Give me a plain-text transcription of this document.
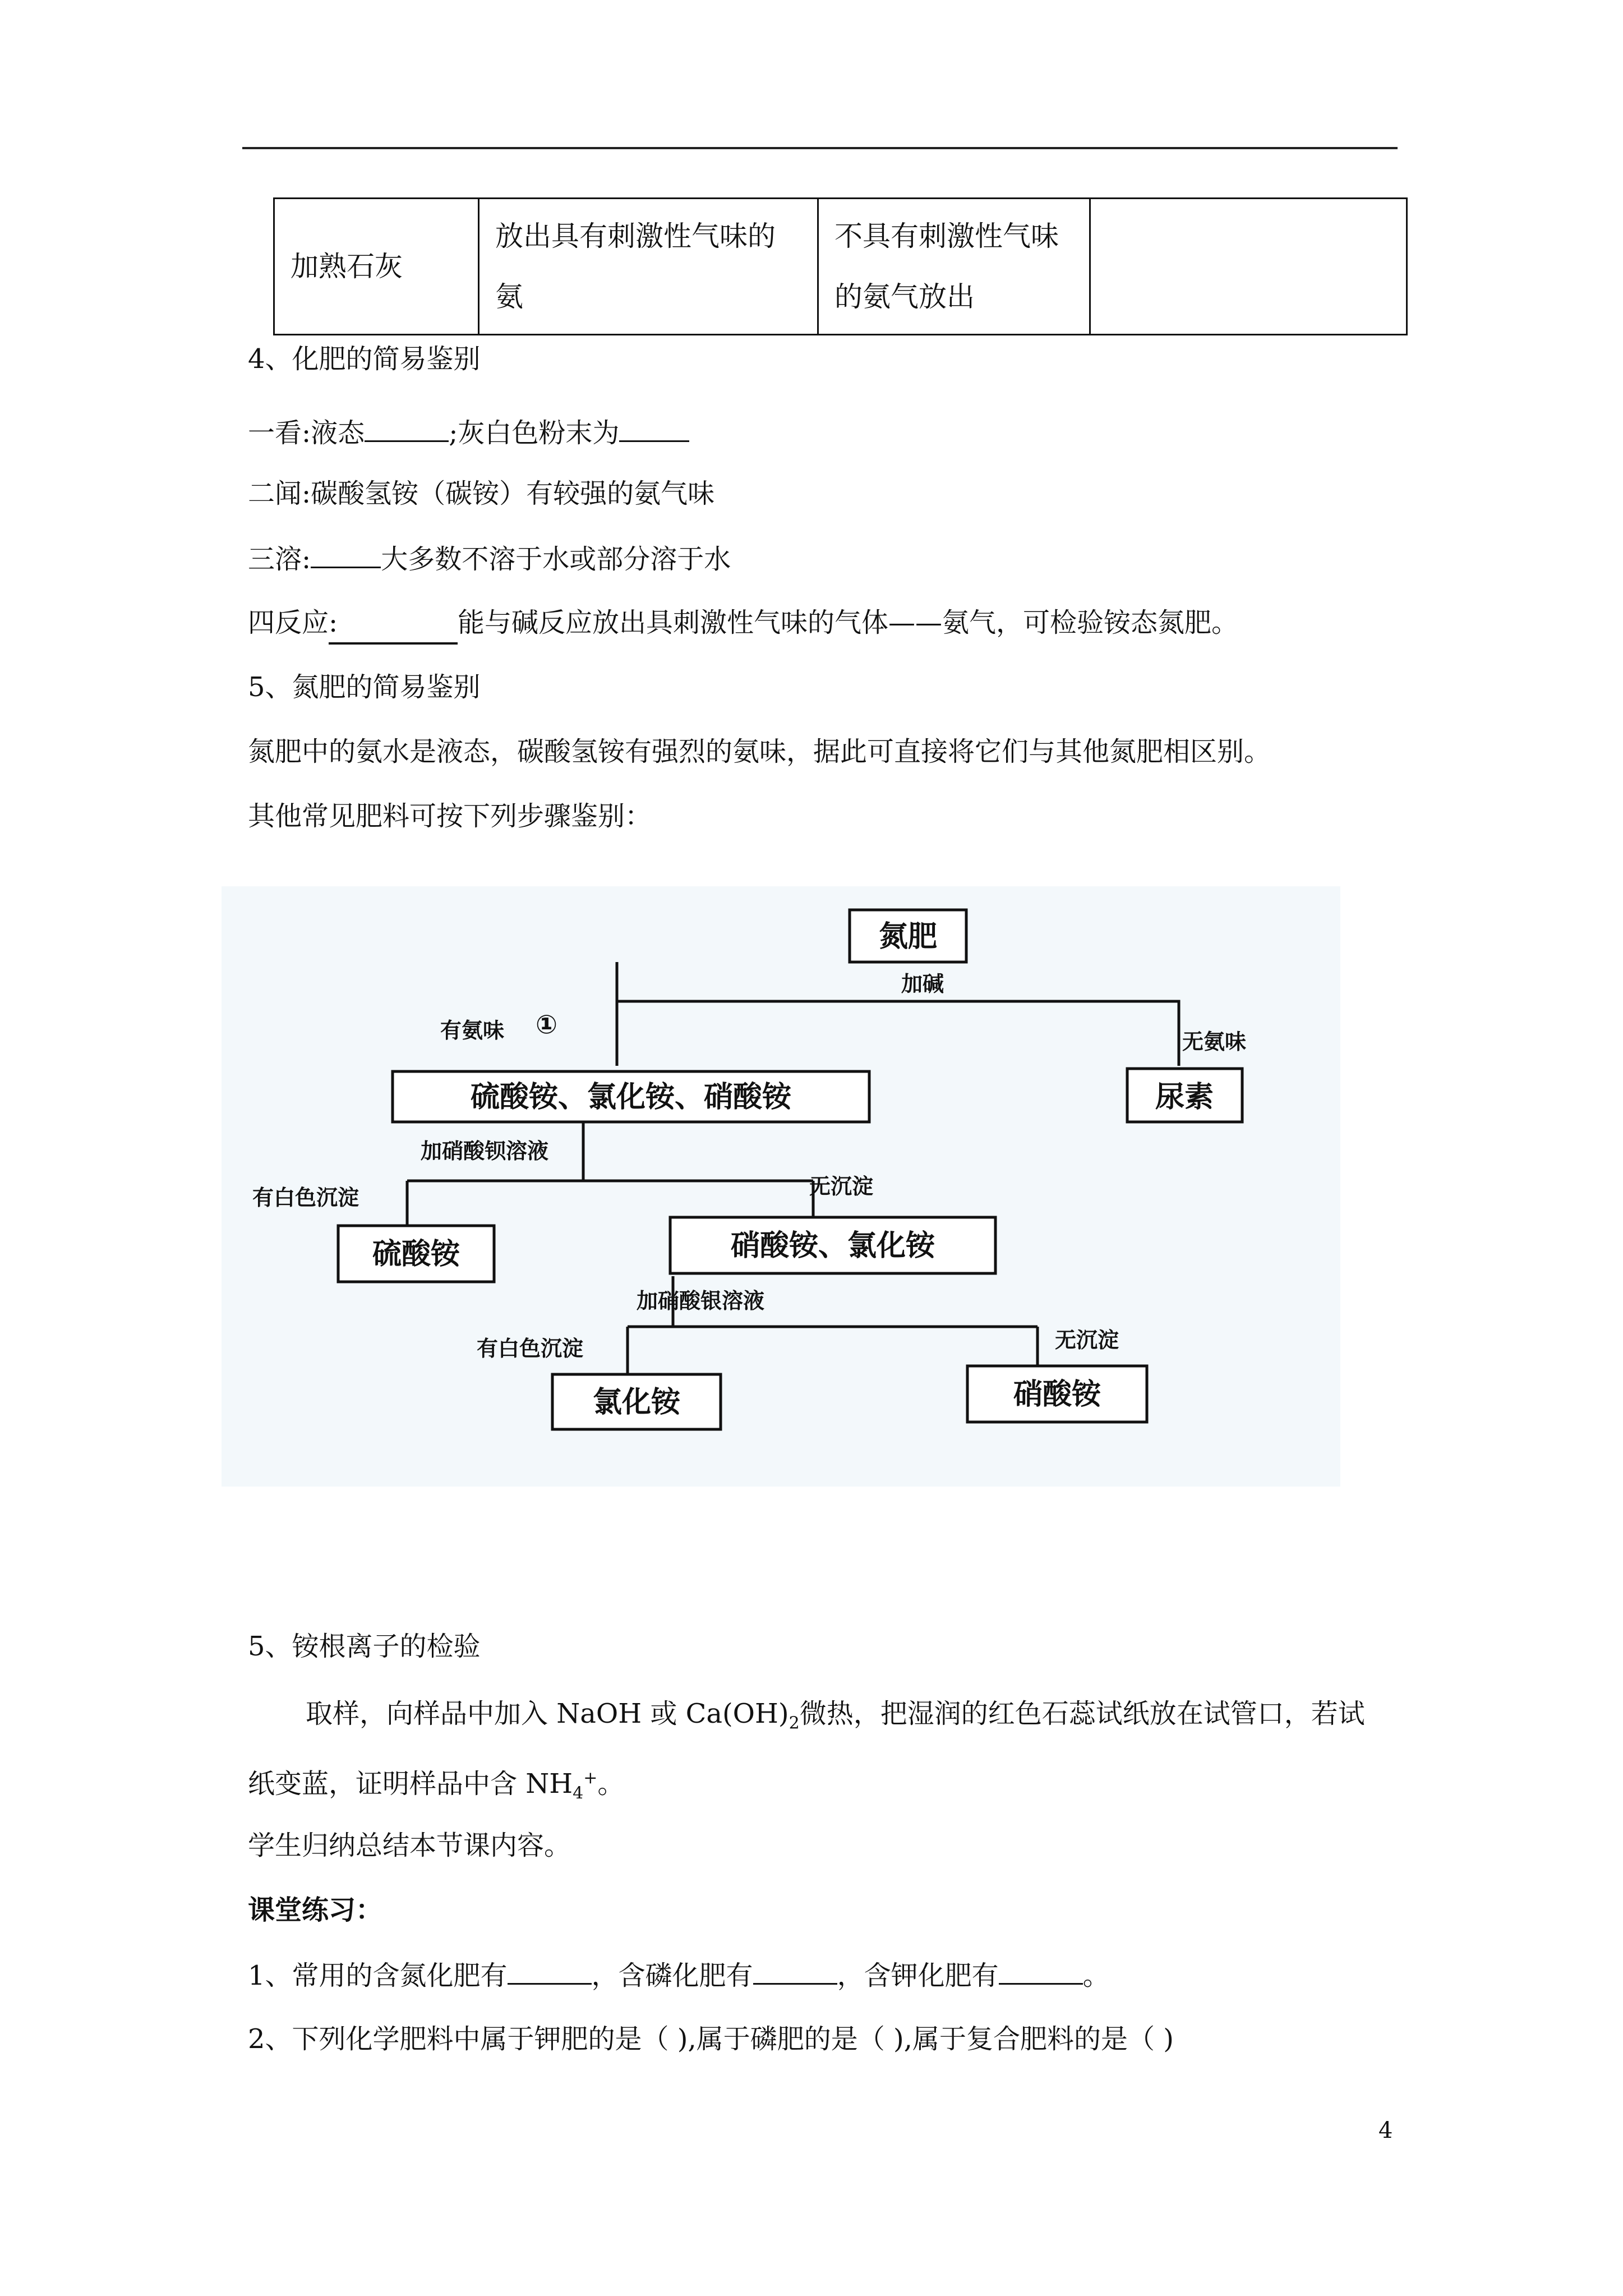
加熟石灰	放出具有刺激性气味的氨	不具有刺激性气味的氨气放出	
4、化肥的简易鉴别
一看:液态	;灰白色粉末为
二闻:碳酸氢铵（碳铵）有较强的氨气味
三溶:	大多数不溶于水或部分溶于水
四反应:	能与碱反应放出具刺激性气味的气体——氨气，可检验铵态氮肥。
5、氮肥的简易鉴别
氮肥中的氨水是液态，碳酸氢铵有强烈的氨味，据此可直接将它们与其他氮肥相区别。
其他常见肥料可按下列步骤鉴别：
氮肥
硫酸铵、氯化铵、硝酸铵	尿素
硫酸铵	硝酸铵、氯化铵
氯化铵	硝酸铵
加碱
有氨味 ①
无氨味
加硝酸钡溶液
有白色沉淀	无沉淀
加硝酸银溶液
有白色沉淀	无沉淀
5、铵根离子的检验
取样，向样品中加入 NaOH 或 $Ca(OH)_2$微热，把湿润的红色石蕊试纸放在试管口，若试
纸变蓝，证明样品中含 $NH_4^+$。
学生归纳总结本节课内容。
课堂练习：
1、常用的含氮化肥有	，含磷化肥有	，含钾化肥有	。
2、下列化学肥料中属于钾肥的是（ ),属于磷肥的是（ ),属于复合肥料的是（ )
4
